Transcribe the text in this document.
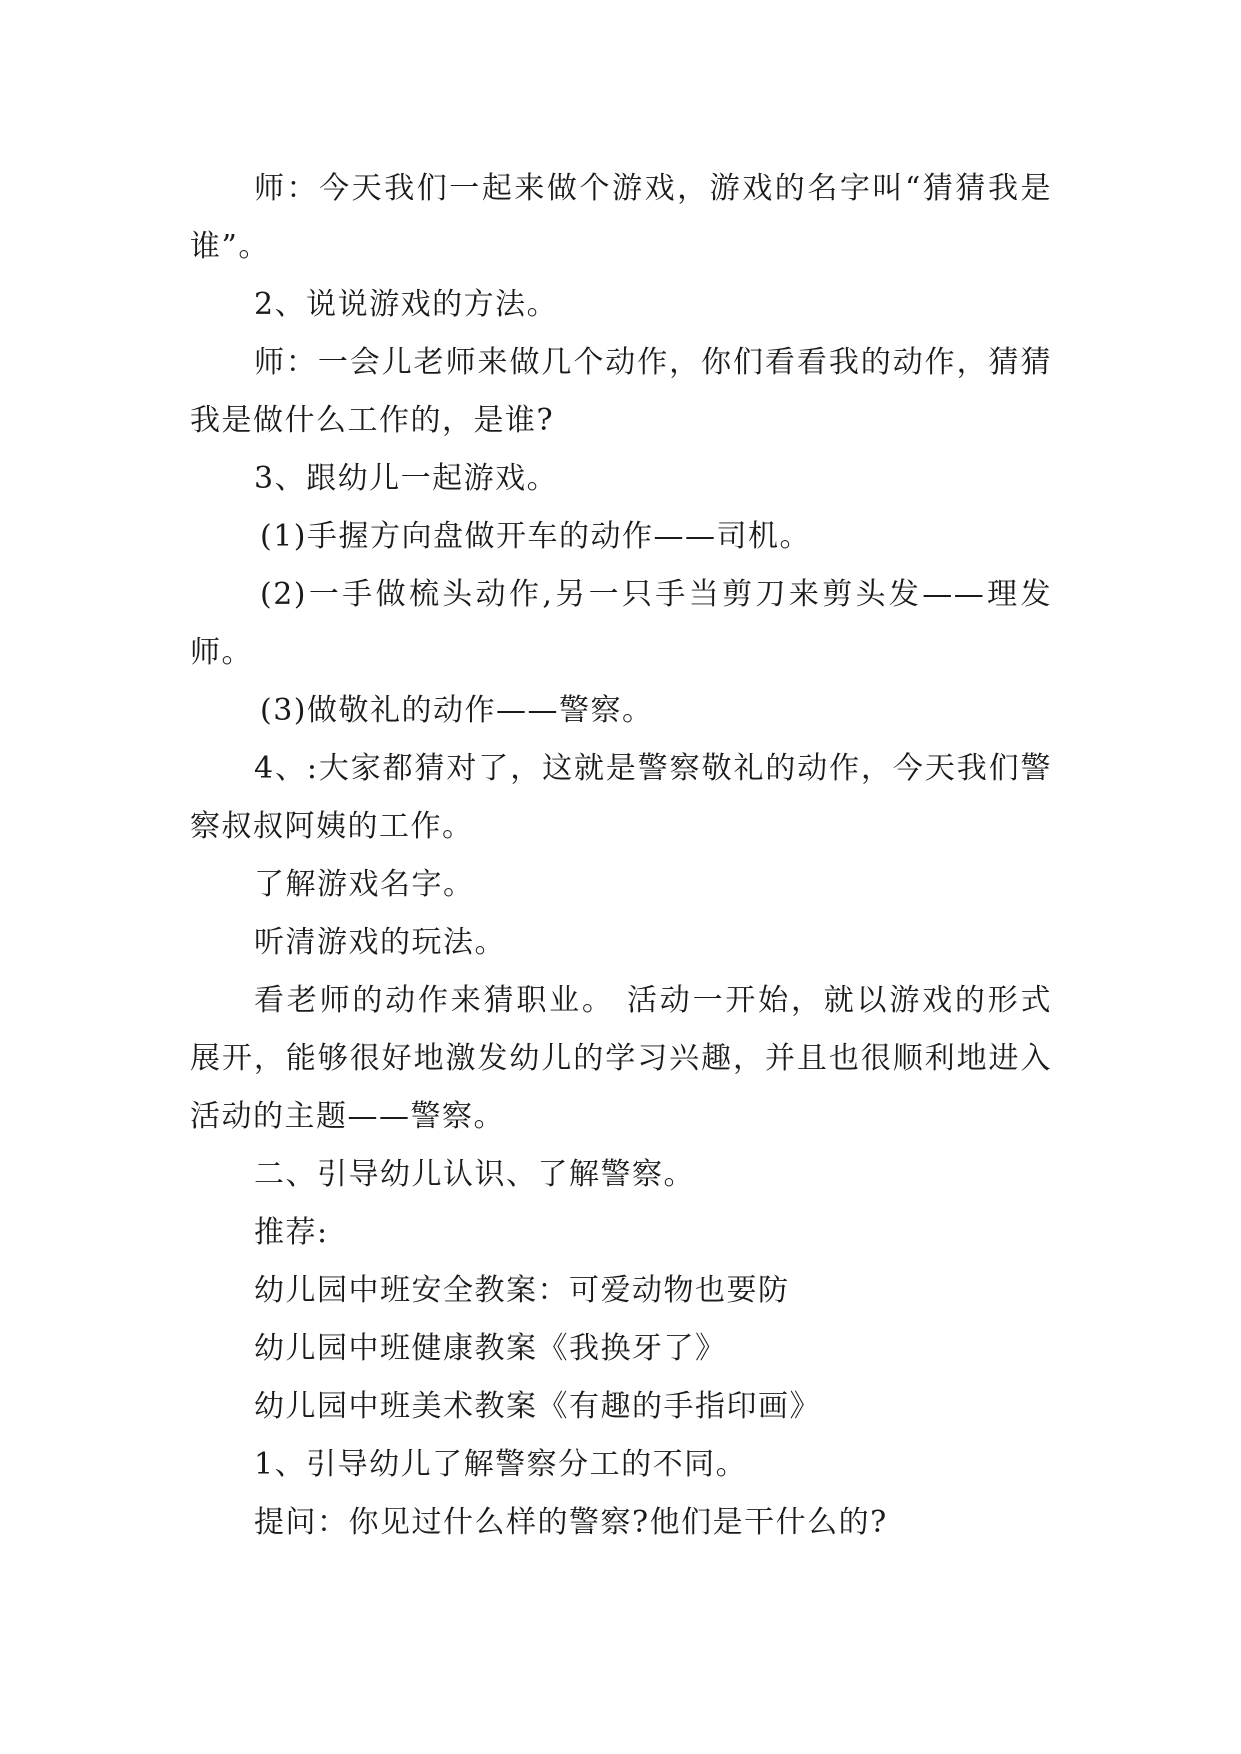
师：今天我们一起来做个游戏，游戏的名字叫“猜猜我是谁”。

2、说说游戏的方法。

师：一会儿老师来做几个动作，你们看看我的动作，猜猜我是做什么工作的，是谁?

3、跟幼儿一起游戏。

(1)手握方向盘做开车的动作——司机。

(2)一手做梳头动作,另一只手当剪刀来剪头发——理发师。

(3)做敬礼的动作——警察。

4、:大家都猜对了，这就是警察敬礼的动作，今天我们警察叔叔阿姨的工作。

了解游戏名字。

听清游戏的玩法。

看老师的动作来猜职业。 活动一开始，就以游戏的形式展开，能够很好地激发幼儿的学习兴趣，并且也很顺利地进入活动的主题——警察。

二、引导幼儿认识、了解警察。

推荐:

幼儿园中班安全教案：可爱动物也要防

幼儿园中班健康教案《我换牙了》

幼儿园中班美术教案《有趣的手指印画》

1、引导幼儿了解警察分工的不同。

提问：你见过什么样的警察?他们是干什么的?
